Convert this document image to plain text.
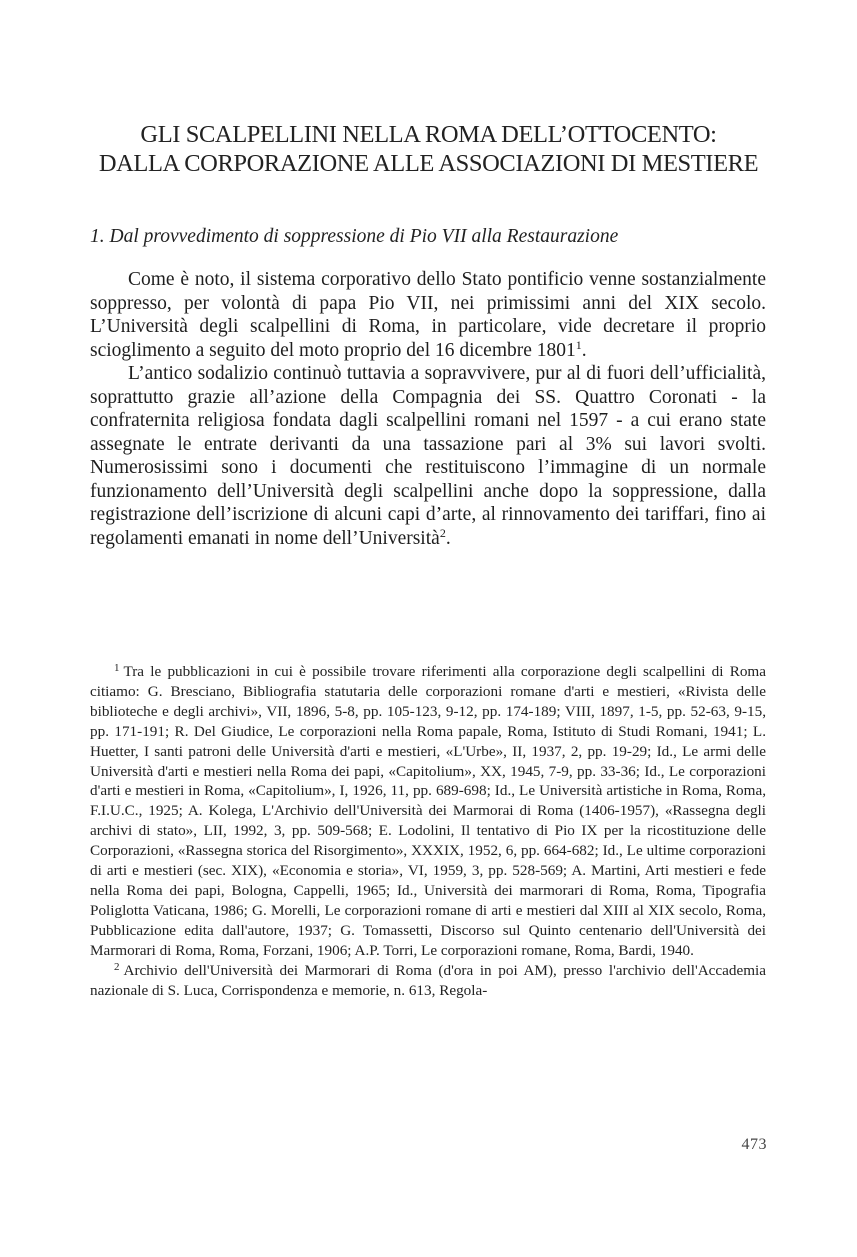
GLI SCALPELLINI NELLA ROMA DELL’OTTOCENTO:
DALLA CORPORAZIONE ALLE ASSOCIAZIONI DI MESTIERE
1. Dal provvedimento di soppressione di Pio VII alla Restaurazione

Come è noto, il sistema corporativo dello Stato pontificio venne sostanzialmente soppresso, per volontà di papa Pio VII, nei primissimi anni del XIX secolo. L’Università degli scalpellini di Roma, in particolare, vide decretare il proprio scioglimento a seguito del moto proprio del 16 dicembre 1801$^1$.

L’antico sodalizio continuò tuttavia a sopravvivere, pur al di fuori dell’ufficialità, soprattutto grazie all’azione della Compagnia dei SS. Quattro Coronati - la confraternita religiosa fondata dagli scalpellini romani nel 1597 - a cui erano state assegnate le entrate derivanti da una tassazione pari al 3% sui lavori svolti. Numerosissimi sono i documenti che restituiscono l’immagine di un normale funzionamento dell’Università degli scalpellini anche dopo la soppressione, dalla registrazione dell’iscrizione di alcuni capi d’arte, al rinnovamento dei tariffari, fino ai regolamenti emanati in nome dell’Università$^2$.

$^1$ Tra le pubblicazioni in cui è possibile trovare riferimenti alla corporazione degli scalpellini di Roma citiamo: G. Bresciano, Bibliografia statutaria delle corporazioni romane d'arti e mestieri, «Rivista delle biblioteche e degli archivi», VII, 1896, 5-8, pp. 105-123, 9-12, pp. 174-189; VIII, 1897, 1-5, pp. 52-63, 9-15, pp. 171-191; R. Del Giudice, Le corporazioni nella Roma papale, Roma, Istituto di Studi Romani, 1941; L. Huetter, I santi patroni delle Università d'arti e mestieri, «L'Urbe», II, 1937, 2, pp. 19-29; Id., Le armi delle Università d'arti e mestieri nella Roma dei papi, «Capitolium», XX, 1945, 7-9, pp. 33-36; Id., Le corporazioni d'arti e mestieri in Roma, «Capitolium», I, 1926, 11, pp. 689-698; Id., Le Università artistiche in Roma, Roma, F.I.U.C., 1925; A. Kolega, L'Archivio dell'Università dei Marmorai di Roma (1406-1957), «Rassegna degli archivi di stato», LII, 1992, 3, pp. 509-568; E. Lodolini, Il tentativo di Pio IX per la ricostituzione delle Corporazioni, «Rassegna storica del Risorgimento», XXXIX, 1952, 6, pp. 664-682; Id., Le ultime corporazioni di arti e mestieri (sec. XIX), «Economia e storia», VI, 1959, 3, pp. 528-569; A. Martini, Arti mestieri e fede nella Roma dei papi, Bologna, Cappelli, 1965; Id., Università dei marmorari di Roma, Roma, Tipografia Poliglotta Vaticana, 1986; G. Morelli, Le corporazioni romane di arti e mestieri dal XIII al XIX secolo, Roma, Pubblicazione edita dall'autore, 1937; G. Tomassetti, Discorso sul Quinto centenario dell'Università dei Marmorari di Roma, Roma, Forzani, 1906; A.P. Torri, Le corporazioni romane, Roma, Bardi, 1940.

$^2$ Archivio dell'Università dei Marmorari di Roma (d'ora in poi AM), presso l'archivio dell'Accademia nazionale di S. Luca, Corrispondenza e memorie, n. 613, Regola-

473
